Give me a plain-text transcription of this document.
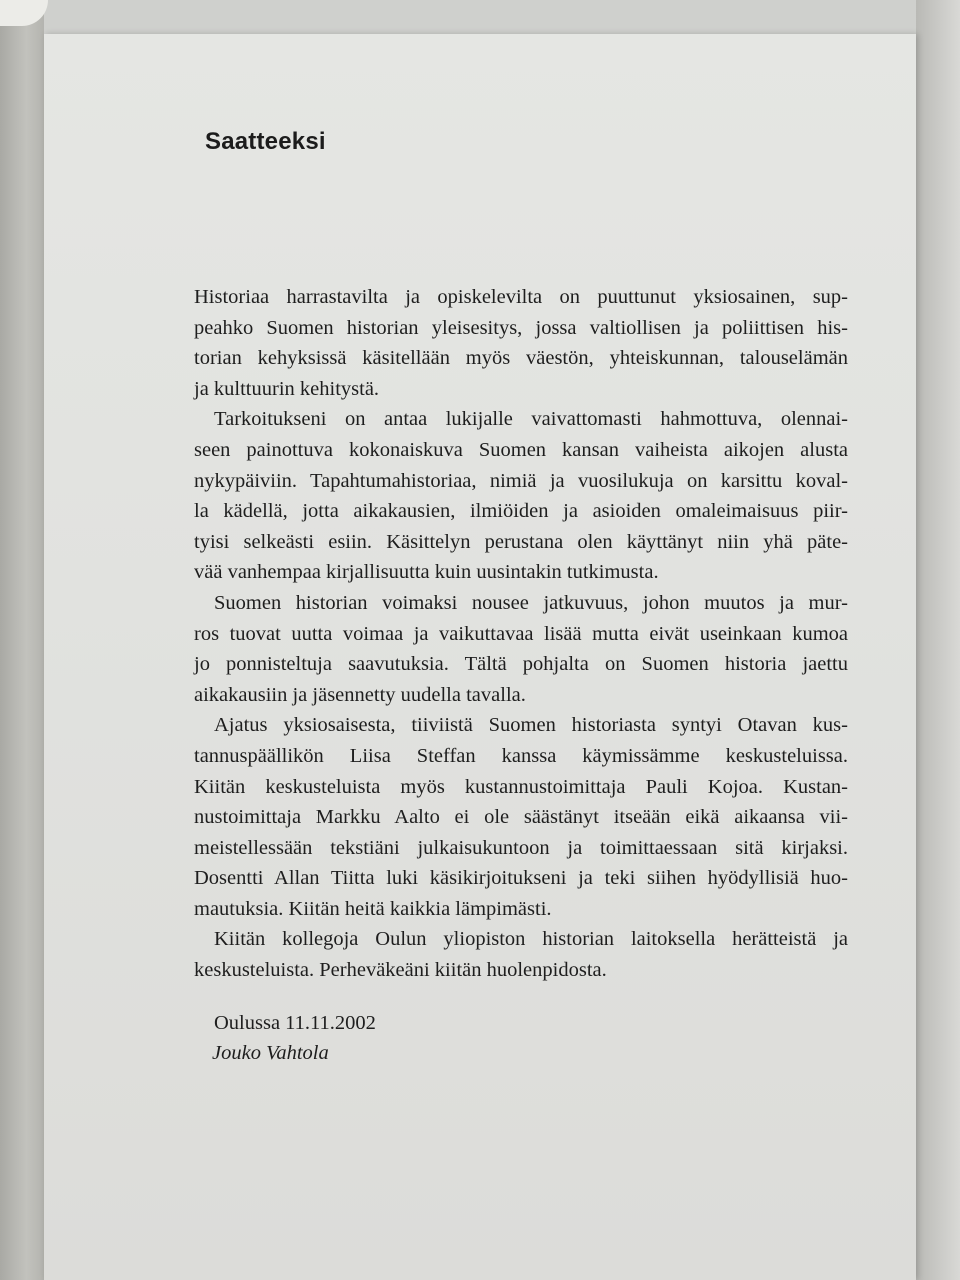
Saatteeksi

Historiaa harrastavilta ja opiskelevilta on puuttunut yksiosainen, sup-
peahko Suomen historian yleisesitys, jossa valtiollisen ja poliittisen his-
torian kehyksissä käsitellään myös väestön, yhteiskunnan, talouselämän
ja kulttuurin kehitystä.

Tarkoitukseni on antaa lukijalle vaivattomasti hahmottuva, olennai-
seen painottuva kokonaiskuva Suomen kansan vaiheista aikojen alusta
nykypäiviin. Tapahtumahistoriaa, nimiä ja vuosilukuja on karsittu koval-
la kädellä, jotta aikakausien, ilmiöiden ja asioiden omaleimaisuus piir-
tyisi selkeästi esiin. Käsittelyn perustana olen käyttänyt niin yhä päte-
vää vanhempaa kirjallisuutta kuin uusintakin tutkimusta.

Suomen historian voimaksi nousee jatkuvuus, johon muutos ja mur-
ros tuovat uutta voimaa ja vaikuttavaa lisää mutta eivät useinkaan kumoa
jo ponnisteltuja saavutuksia. Tältä pohjalta on Suomen historia jaettu
aikakausiin ja jäsennetty uudella tavalla.

Ajatus yksiosaisesta, tiiviistä Suomen historiasta syntyi Otavan kus-
tannuspäällikön Liisa Steffan kanssa käymissämme keskusteluissa.
Kiitän keskusteluista myös kustannustoimittaja Pauli Kojoa. Kustan-
nustoimittaja Markku Aalto ei ole säästänyt itseään eikä aikaansa vii-
meistellessään tekstiäni julkaisukuntoon ja toimittaessaan sitä kirjaksi.
Dosentti Allan Tiitta luki käsikirjoitukseni ja teki siihen hyödyllisiä huo-
mautuksia. Kiitän heitä kaikkia lämpimästi.

Kiitän kollegoja Oulun yliopiston historian laitoksella herätteistä ja
keskusteluista. Perheväkeäni kiitän huolenpidosta.

Oulussa 11.11.2002

Jouko Vahtola
